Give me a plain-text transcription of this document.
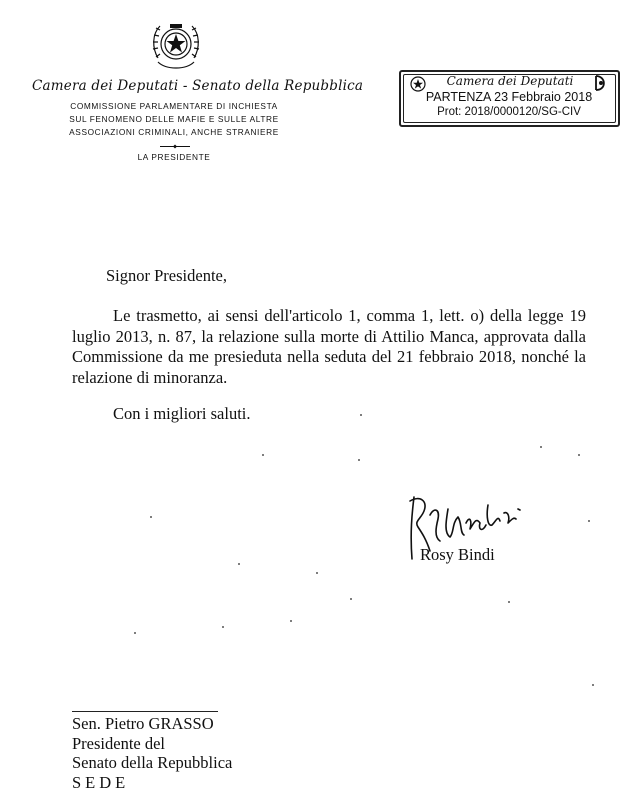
Camera dei Deputati - Senato della Repubblica
COMMISSIONE PARLAMENTARE DI INCHIESTA
SUL FENOMENO DELLE MAFIE E SULLE ALTRE
ASSOCIAZIONI CRIMINALI, ANCHE STRANIERE
LA PRESIDENTE
Camera dei Deputati
PARTENZA 23 Febbraio 2018
Prot: 2018/0000120/SG-CIV
Signor Presidente,
Le trasmetto, ai sensi dell'articolo 1, comma 1, lett. o) della legge 19 luglio 2013, n. 87, la relazione sulla morte di Attilio Manca, approvata dalla Commissione da me presieduta nella seduta del 21 febbraio 2018, nonché la relazione di minoranza.
Con i migliori saluti.
Rosy Bindi
Sen. Pietro GRASSO
Presidente del
Senato della Repubblica
SEDE
